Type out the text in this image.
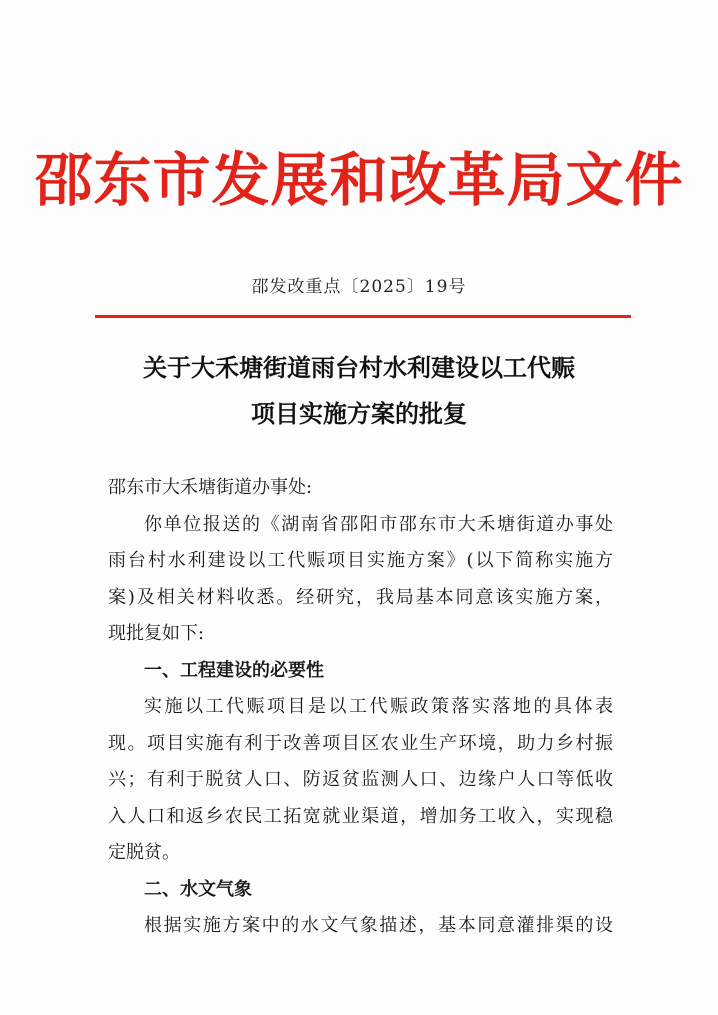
邵东市发展和改革局文件
邵发改重点〔2025〕19号
关于大禾塘街道雨台村水利建设以工代赈
项目实施方案的批复
邵东市大禾塘街道办事处:
你单位报送的《湖南省邵阳市邵东市大禾塘街道办事处
雨台村水利建设以工代赈项目实施方案》(以下简称实施方
案)及相关材料收悉。经研究，我局基本同意该实施方案，
现批复如下:
一、工程建设的必要性
实施以工代赈项目是以工代赈政策落实落地的具体表
现。项目实施有利于改善项目区农业生产环境，助力乡村振
兴；有利于脱贫人口、防返贫监测人口、边缘户人口等低收
入人口和返乡农民工拓宽就业渠道，增加务工收入，实现稳
定脱贫。
二、水文气象
根据实施方案中的水文气象描述，基本同意灌排渠的设
